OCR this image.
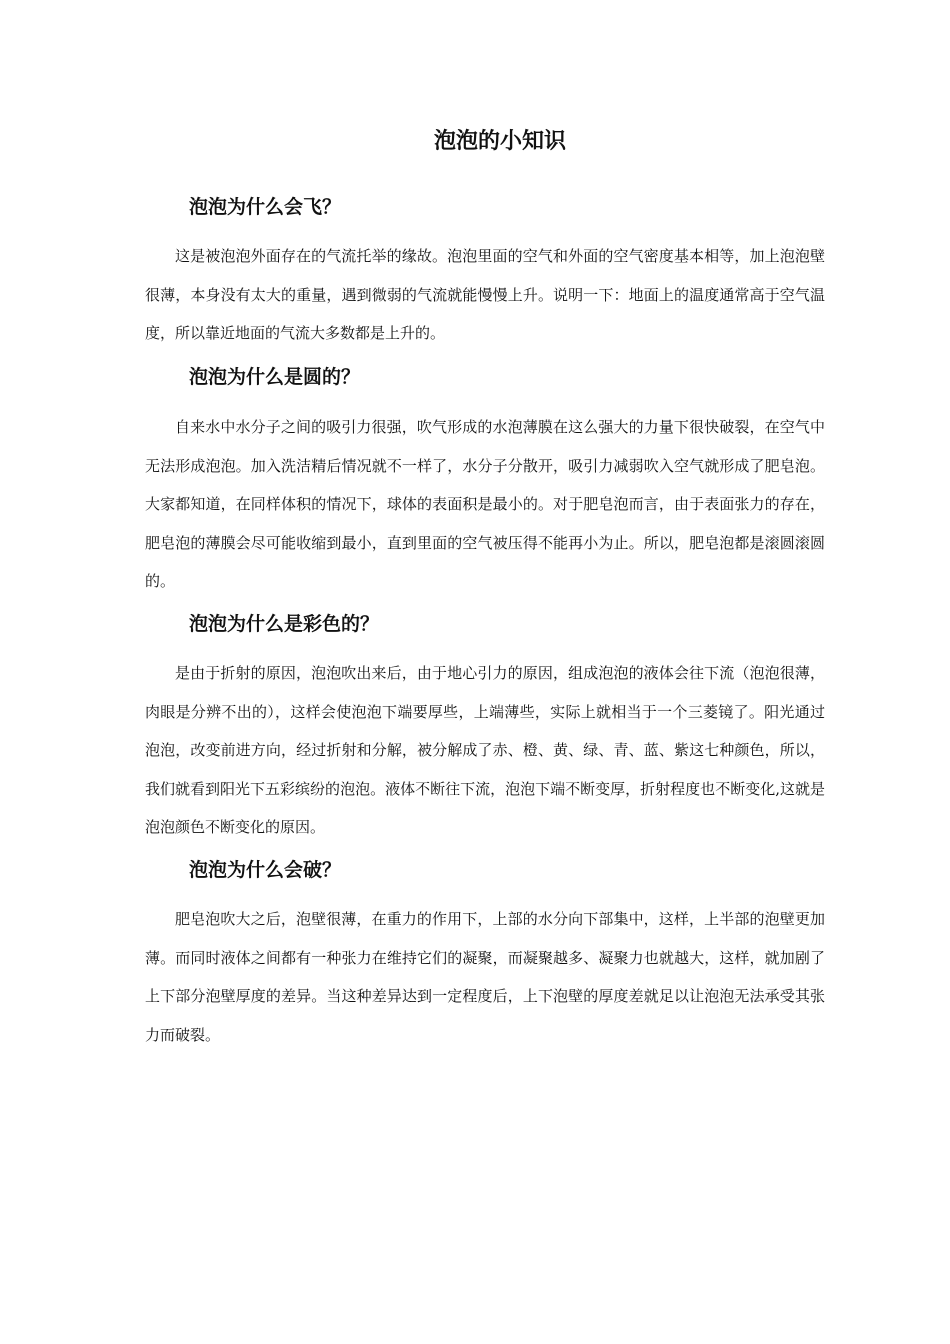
泡泡的小知识
泡泡为什么会飞？

这是被泡泡外面存在的气流托举的缘故。泡泡里面的空气和外面的空气密度基本相等，加上泡泡壁很薄，本身没有太大的重量，遇到微弱的气流就能慢慢上升。说明一下：地面上的温度通常高于空气温度，所以靠近地面的气流大多数都是上升的。

泡泡为什么是圆的？

自来水中水分子之间的吸引力很强，吹气形成的水泡薄膜在这么强大的力量下很快破裂，在空气中无法形成泡泡。加入洗洁精后情况就不一样了，水分子分散开，吸引力减弱吹入空气就形成了肥皂泡。大家都知道，在同样体积的情况下，球体的表面积是最小的。对于肥皂泡而言，由于表面张力的存在，肥皂泡的薄膜会尽可能收缩到最小，直到里面的空气被压得不能再小为止。所以，肥皂泡都是滚圆滚圆的。

泡泡为什么是彩色的？

是由于折射的原因，泡泡吹出来后，由于地心引力的原因，组成泡泡的液体会往下流（泡泡很薄，肉眼是分辨不出的），这样会使泡泡下端要厚些，上端薄些，实际上就相当于一个三菱镜了。阳光通过泡泡，改变前进方向，经过折射和分解，被分解成了赤、橙、黄、绿、青、蓝、紫这七种颜色，所以，我们就看到阳光下五彩缤纷的泡泡。液体不断往下流，泡泡下端不断变厚，折射程度也不断变化,这就是泡泡颜色不断变化的原因。

泡泡为什么会破？

肥皂泡吹大之后，泡壁很薄，在重力的作用下，上部的水分向下部集中，这样，上半部的泡壁更加薄。而同时液体之间都有一种张力在维持它们的凝聚，而凝聚越多、凝聚力也就越大，这样，就加剧了上下部分泡壁厚度的差异。当这种差异达到一定程度后，上下泡壁的厚度差就足以让泡泡无法承受其张力而破裂。
